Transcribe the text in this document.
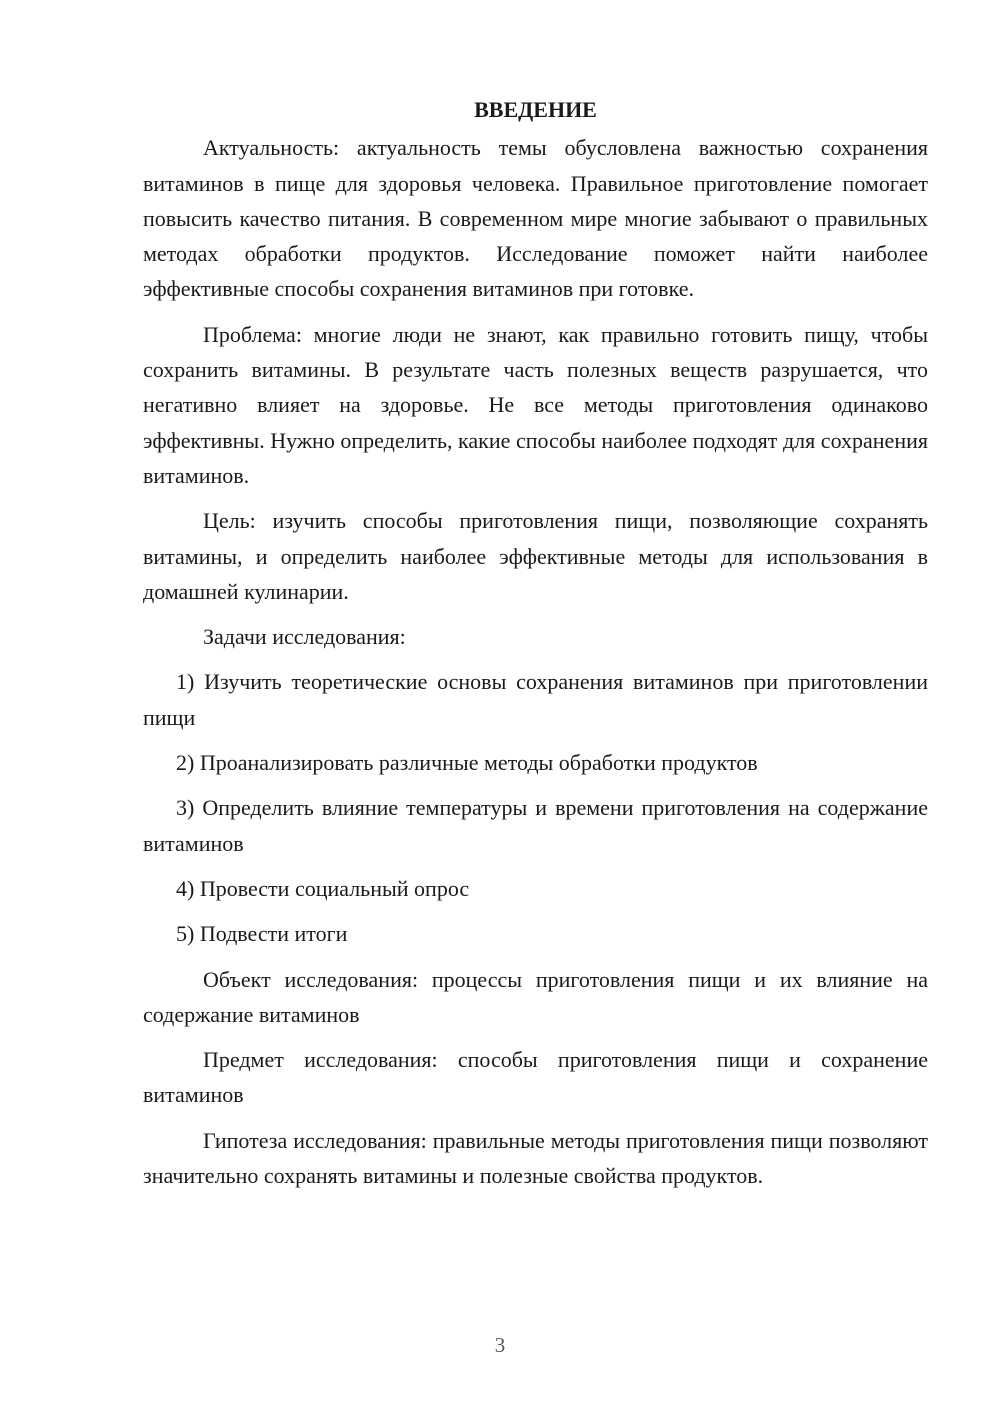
ВВЕДЕНИЕ

Актуальность: актуальность темы обусловлена важностью сохранения витаминов в пище для здоровья человека. Правильное приготовление помогает повысить качество питания. В современном мире многие забывают о правильных методах обработки продуктов. Исследование поможет найти наиболее эффективные способы сохранения витаминов при готовке.

Проблема: многие люди не знают, как правильно готовить пищу, чтобы сохранить витамины. В результате часть полезных веществ разрушается, что негативно влияет на здоровье. Не все методы приготовления одинаково эффективны. Нужно определить, какие способы наиболее подходят для сохранения витаминов.

Цель: изучить способы приготовления пищи, позволяющие сохранять витамины, и определить наиболее эффективные методы для использования в домашней кулинарии.

Задачи исследования:

1) Изучить теоретические основы сохранения витаминов при приготовлении пищи

2) Проанализировать различные методы обработки продуктов

3) Определить влияние температуры и времени приготовления на содержание витаминов

4) Провести социальный опрос

5) Подвести итоги

Объект исследования: процессы приготовления пищи и их влияние на содержание витаминов

Предмет исследования: способы приготовления пищи и сохранение витаминов

Гипотеза исследования: правильные методы приготовления пищи позволяют значительно сохранять витамины и полезные свойства продуктов.

3
